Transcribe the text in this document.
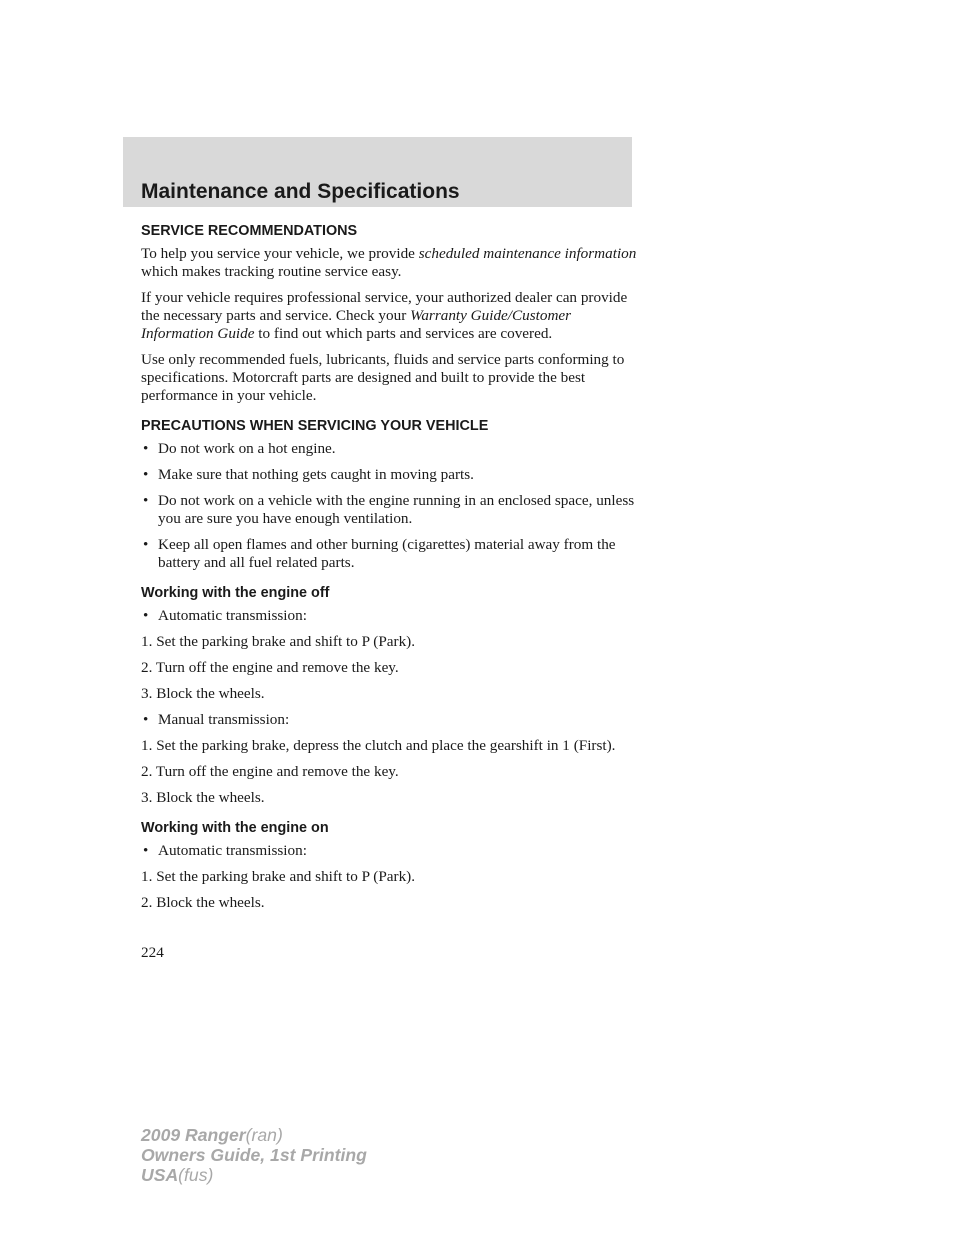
Maintenance and Specifications
SERVICE RECOMMENDATIONS
To help you service your vehicle, we provide scheduled maintenance information which makes tracking routine service easy.
If your vehicle requires professional service, your authorized dealer can provide the necessary parts and service. Check your Warranty Guide/Customer Information Guide to find out which parts and services are covered.
Use only recommended fuels, lubricants, fluids and service parts conforming to specifications. Motorcraft parts are designed and built to provide the best performance in your vehicle.
PRECAUTIONS WHEN SERVICING YOUR VEHICLE
• Do not work on a hot engine.
• Make sure that nothing gets caught in moving parts.
• Do not work on a vehicle with the engine running in an enclosed space, unless you are sure you have enough ventilation.
• Keep all open flames and other burning (cigarettes) material away from the battery and all fuel related parts.
Working with the engine off
• Automatic transmission:
1. Set the parking brake and shift to P (Park).
2. Turn off the engine and remove the key.
3. Block the wheels.
• Manual transmission:
1. Set the parking brake, depress the clutch and place the gearshift in 1 (First).
2. Turn off the engine and remove the key.
3. Block the wheels.
Working with the engine on
• Automatic transmission:
1. Set the parking brake and shift to P (Park).
2. Block the wheels.
224
2009 Ranger(ran)
Owners Guide, 1st Printing
USA(fus)
